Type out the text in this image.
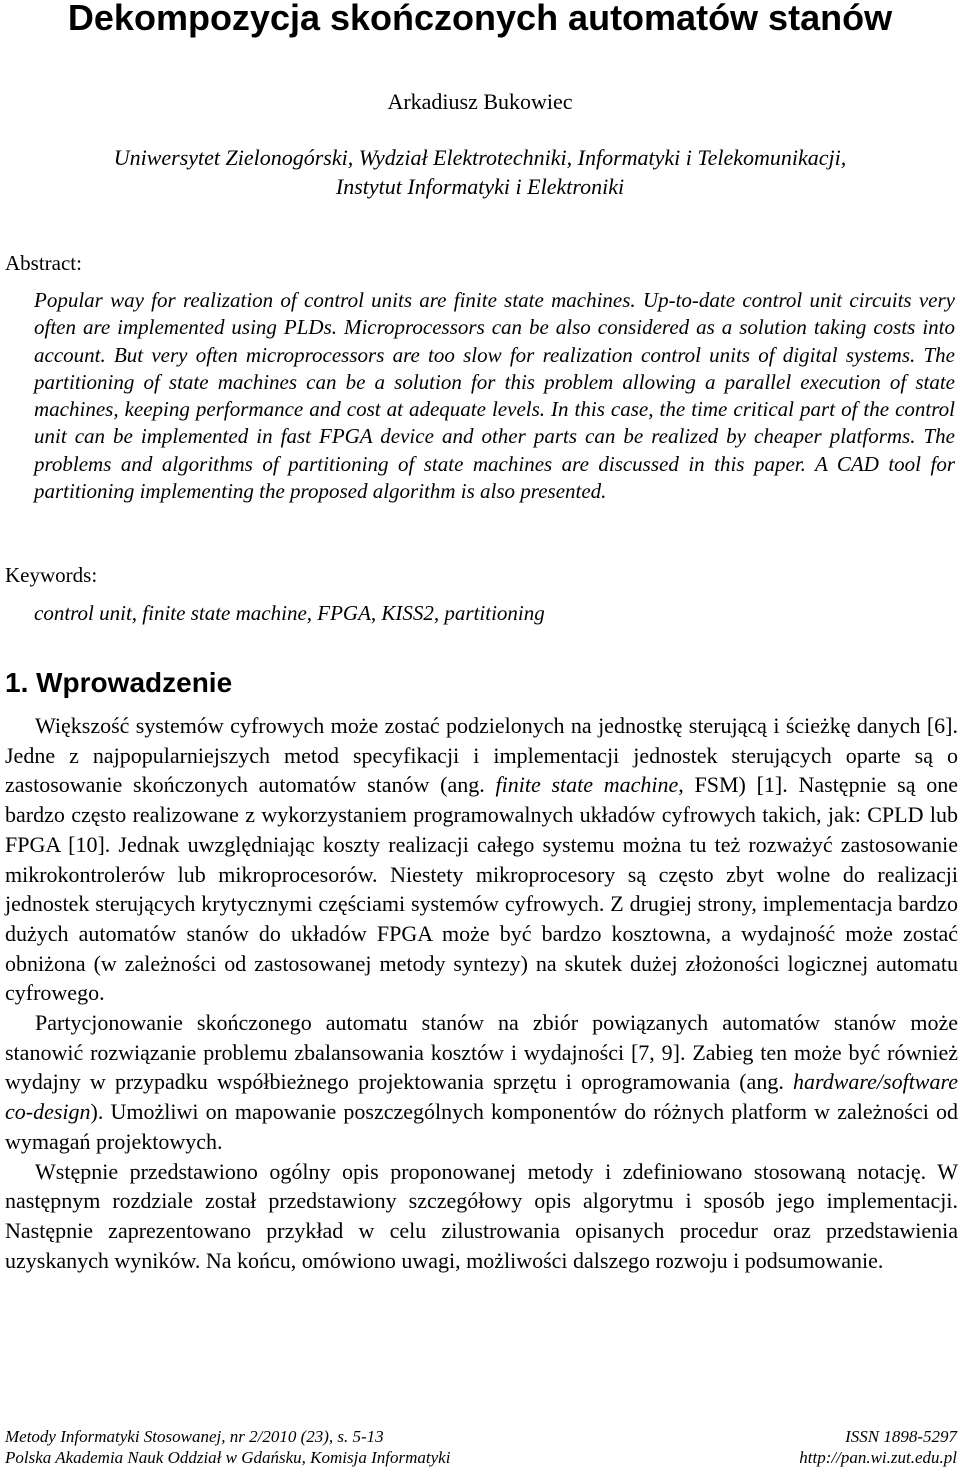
Dekompozycja skończonych automatów stanów
Arkadiusz Bukowiec
Uniwersytet Zielonogórski, Wydział Elektrotechniki, Informatyki i Telekomunikacji,
Instytut Informatyki i Elektroniki
Abstract:
Popular way for realization of control units are finite state machines. Up-to-date control unit circuits very often are implemented using PLDs. Microprocessors can be also considered as a solution taking costs into account. But very often microprocessors are too slow for realization control units of digital systems. The partitioning of state machines can be a solution for this problem allowing a parallel execution of state machines, keeping performance and cost at adequate levels. In this case, the time critical part of the control unit can be implemented in fast FPGA device and other parts can be realized by cheaper platforms. The problems and algorithms of partitioning of state machines are discussed in this paper. A CAD tool for partitioning implementing the proposed algorithm is also presented.
Keywords:
control unit, finite state machine, FPGA, KISS2, partitioning
1. Wprowadzenie

Większość systemów cyfrowych może zostać podzielonych na jednostkę sterującą i ścieżkę danych [6]. Jedne z najpopularniejszych metod specyfikacji i implementacji jednostek sterujących oparte są o zastosowanie skończonych automatów stanów (ang. finite state machine, FSM) [1]. Następnie są one bardzo często realizowane z wykorzystaniem programowalnych układów cyfrowych takich, jak: CPLD lub FPGA [10]. Jednak uwzględniając koszty realizacji całego systemu można tu też rozważyć zastosowanie mikrokontrolerów lub mikroprocesorów. Niestety mikroprocesory są często zbyt wolne do realizacji jednostek sterujących krytycznymi częściami systemów cyfrowych. Z drugiej strony, implementacja bardzo dużych automatów stanów do układów FPGA może być bardzo kosztowna, a wydajność może zostać obniżona (w zależności od zastosowanej metody syntezy) na skutek dużej złożoności logicznej automatu cyfrowego.

Partycjonowanie skończonego automatu stanów na zbiór powiązanych automatów stanów może stanowić rozwiązanie problemu zbalansowania kosztów i wydajności [7, 9]. Zabieg ten może być również wydajny w przypadku współbieżnego projektowania sprzętu i oprogramowania (ang. hardware/software co-design). Umożliwi on mapowanie poszczególnych komponentów do różnych platform w zależności od wymagań projektowych.

Wstępnie przedstawiono ogólny opis proponowanej metody i zdefiniowano stosowaną notację. W następnym rozdziale został przedstawiony szczegółowy opis algorytmu i sposób jego implementacji. Następnie zaprezentowano przykład w celu zilustrowania opisanych procedur oraz przedstawienia uzyskanych wyników. Na końcu, omówiono uwagi, możliwości dalszego rozwoju i podsumowanie.

Metody Informatyki Stosowanej, nr 2/2010 (23), s. 5-13	ISSN 1898-5297
Polska Akademia Nauk Oddział w Gdańsku, Komisja Informatyki	http://pan.wi.zut.edu.pl
